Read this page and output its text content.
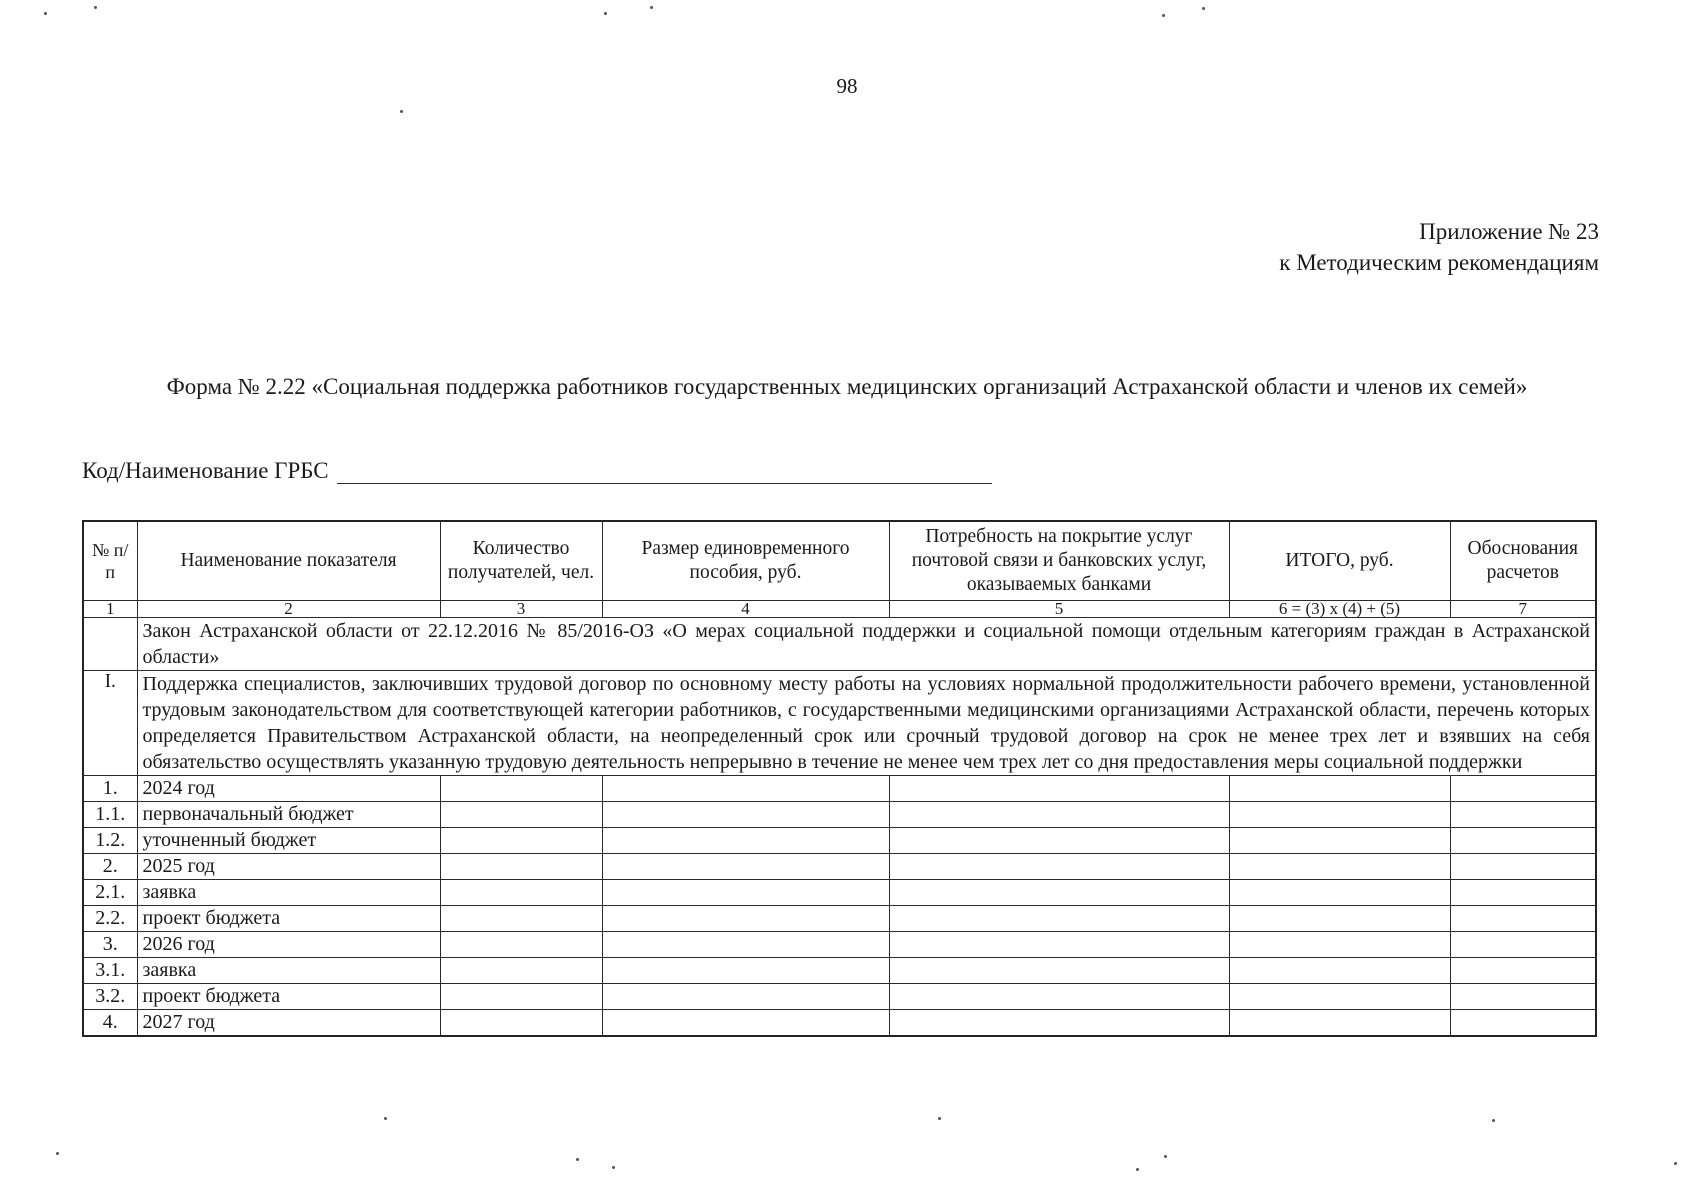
98
Приложение № 23
к Методическим рекомендациям
Форма № 2.22 «Социальная поддержка работников государственных медицинских организаций Астраханской области и членов их семей»
Код/Наименование ГРБС
№ п/п	Наименование показателя	Количество получателей, чел.	Размер единовременного пособия, руб.	Потребность на покрытие услуг почтовой связи и банковских услуг, оказываемых банками	ИТОГО, руб.	Обоснования расчетов
1	2	3	4	5	6 = (3) x (4) + (5)	7
	Закон Астраханской области от 22.12.2016 № 85/2016-ОЗ «О мерах социальной поддержки и социальной помощи отдельным категориям граждан в Астраханской области»					
I.	Поддержка специалистов, заключивших трудовой договор по основному месту работы на условиях нормальной продолжительности рабочего времени, установленной трудовым законодательством для соответствующей категории работников, с государственными медицинскими организациями Астраханской области, перечень которых определяется Правительством Астраханской области, на неопределенный срок или срочный трудовой договор на срок не менее трех лет и взявших на себя обязательство осуществлять указанную трудовую деятельность непрерывно в течение не менее чем трех лет со дня предоставления меры социальной поддержки					
1.	2024 год					
1.1.	первоначальный бюджет					
1.2.	уточненный бюджет					
2.	2025 год					
2.1.	заявка					
2.2.	проект бюджета					
3.	2026 год					
3.1.	заявка					
3.2.	проект бюджета					
4.	2027 год					
